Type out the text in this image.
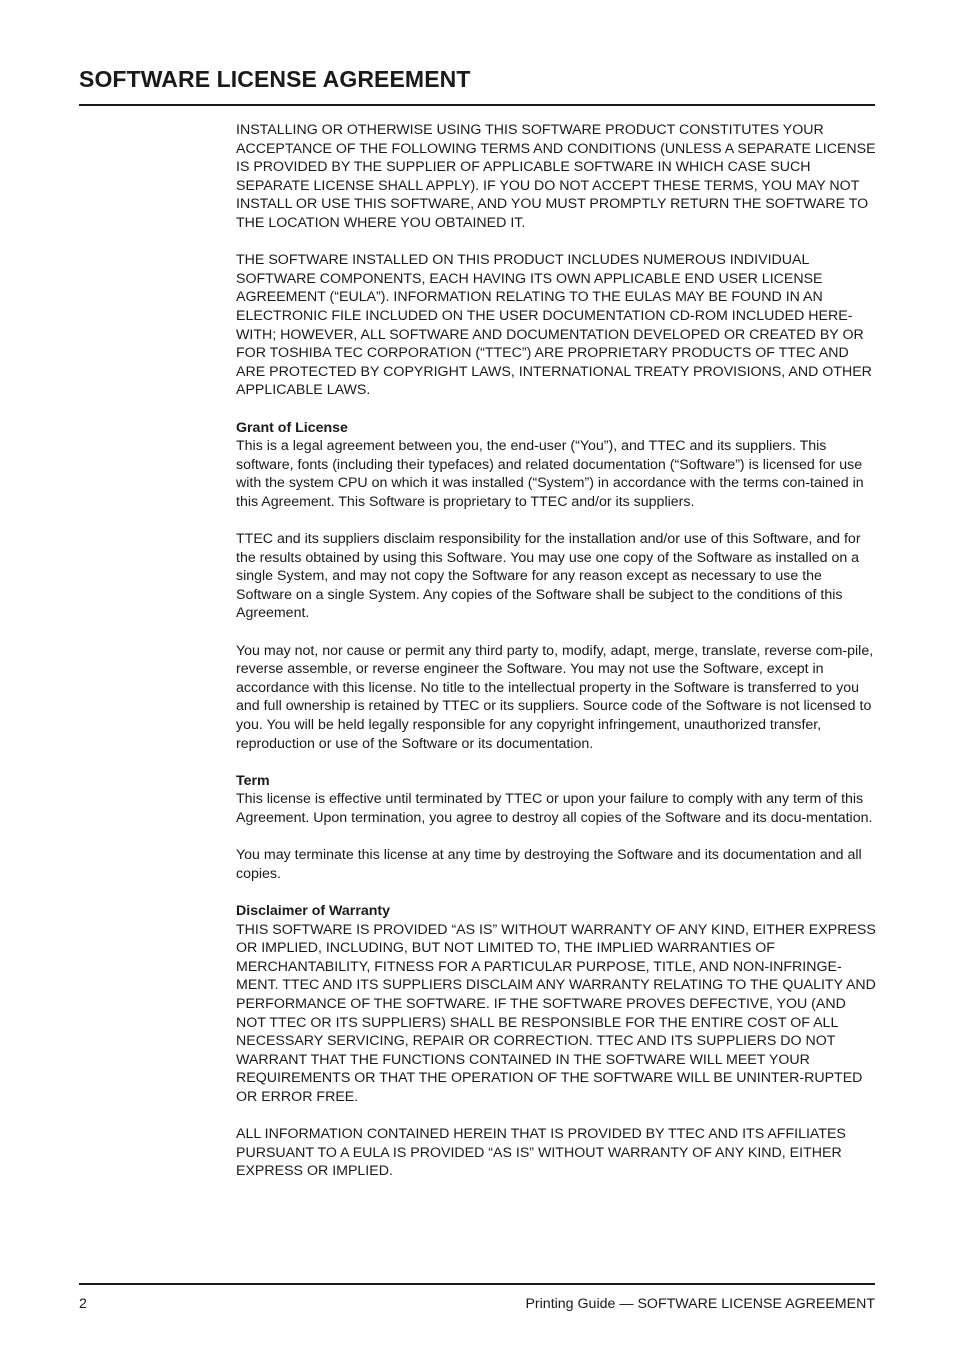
SOFTWARE LICENSE AGREEMENT

INSTALLING OR OTHERWISE USING THIS SOFTWARE PRODUCT CONSTITUTES YOUR ACCEPTANCE OF THE FOLLOWING TERMS AND CONDITIONS (UNLESS A SEPARATE LICENSE IS PROVIDED BY THE SUPPLIER OF APPLICABLE SOFTWARE IN WHICH CASE SUCH SEPARATE LICENSE SHALL APPLY). IF YOU DO NOT ACCEPT THESE TERMS, YOU MAY NOT INSTALL OR USE THIS SOFTWARE, AND YOU MUST PROMPTLY RETURN THE SOFTWARE TO THE LOCATION WHERE YOU OBTAINED IT.

THE SOFTWARE INSTALLED ON THIS PRODUCT INCLUDES NUMEROUS INDIVIDUAL SOFTWARE COMPONENTS, EACH HAVING ITS OWN APPLICABLE END USER LICENSE AGREEMENT (“EULA”). INFORMATION RELATING TO THE EULAS MAY BE FOUND IN AN ELECTRONIC FILE INCLUDED ON THE USER DOCUMENTATION CD-ROM INCLUDED HERE-WITH; HOWEVER, ALL SOFTWARE AND DOCUMENTATION DEVELOPED OR CREATED BY OR FOR TOSHIBA TEC CORPORATION (“TTEC”) ARE PROPRIETARY PRODUCTS OF TTEC AND ARE PROTECTED BY COPYRIGHT LAWS, INTERNATIONAL TREATY PROVISIONS, AND OTHER APPLICABLE LAWS.

Grant of License
This is a legal agreement between you, the end-user (“You”), and TTEC and its suppliers. This software, fonts (including their typefaces) and related documentation (“Software”) is licensed for use with the system CPU on which it was installed (“System”) in accordance with the terms con-tained in this Agreement. This Software is proprietary to TTEC and/or its suppliers.

TTEC and its suppliers disclaim responsibility for the installation and/or use of this Software, and for the results obtained by using this Software. You may use one copy of the Software as installed on a single System, and may not copy the Software for any reason except as necessary to use the Software on a single System. Any copies of the Software shall be subject to the conditions of this Agreement.

You may not, nor cause or permit any third party to, modify, adapt, merge, translate, reverse com-pile, reverse assemble, or reverse engineer the Software. You may not use the Software, except in accordance with this license. No title to the intellectual property in the Software is transferred to you and full ownership is retained by TTEC or its suppliers. Source code of the Software is not licensed to you. You will be held legally responsible for any copyright infringement, unauthorized transfer, reproduction or use of the Software or its documentation.

Term
This license is effective until terminated by TTEC or upon your failure to comply with any term of this Agreement. Upon termination, you agree to destroy all copies of the Software and its docu-mentation.

You may terminate this license at any time by destroying the Software and its documentation and all copies.

Disclaimer of Warranty
THIS SOFTWARE IS PROVIDED “AS IS” WITHOUT WARRANTY OF ANY KIND, EITHER EXPRESS OR IMPLIED, INCLUDING, BUT NOT LIMITED TO, THE IMPLIED WARRANTIES OF MERCHANTABILITY, FITNESS FOR A PARTICULAR PURPOSE, TITLE, AND NON-INFRINGE-MENT. TTEC AND ITS SUPPLIERS DISCLAIM ANY WARRANTY RELATING TO THE QUALITY AND PERFORMANCE OF THE SOFTWARE. IF THE SOFTWARE PROVES DEFECTIVE, YOU (AND NOT TTEC OR ITS SUPPLIERS) SHALL BE RESPONSIBLE FOR THE ENTIRE COST OF ALL NECESSARY SERVICING, REPAIR OR CORRECTION. TTEC AND ITS SUPPLIERS DO NOT WARRANT THAT THE FUNCTIONS CONTAINED IN THE SOFTWARE WILL MEET YOUR REQUIREMENTS OR THAT THE OPERATION OF THE SOFTWARE WILL BE UNINTER-RUPTED OR ERROR FREE.

ALL INFORMATION CONTAINED HEREIN THAT IS PROVIDED BY TTEC AND ITS AFFILIATES PURSUANT TO A EULA IS PROVIDED “AS IS” WITHOUT WARRANTY OF ANY KIND, EITHER EXPRESS OR IMPLIED.

2	Printing Guide — SOFTWARE LICENSE AGREEMENT
